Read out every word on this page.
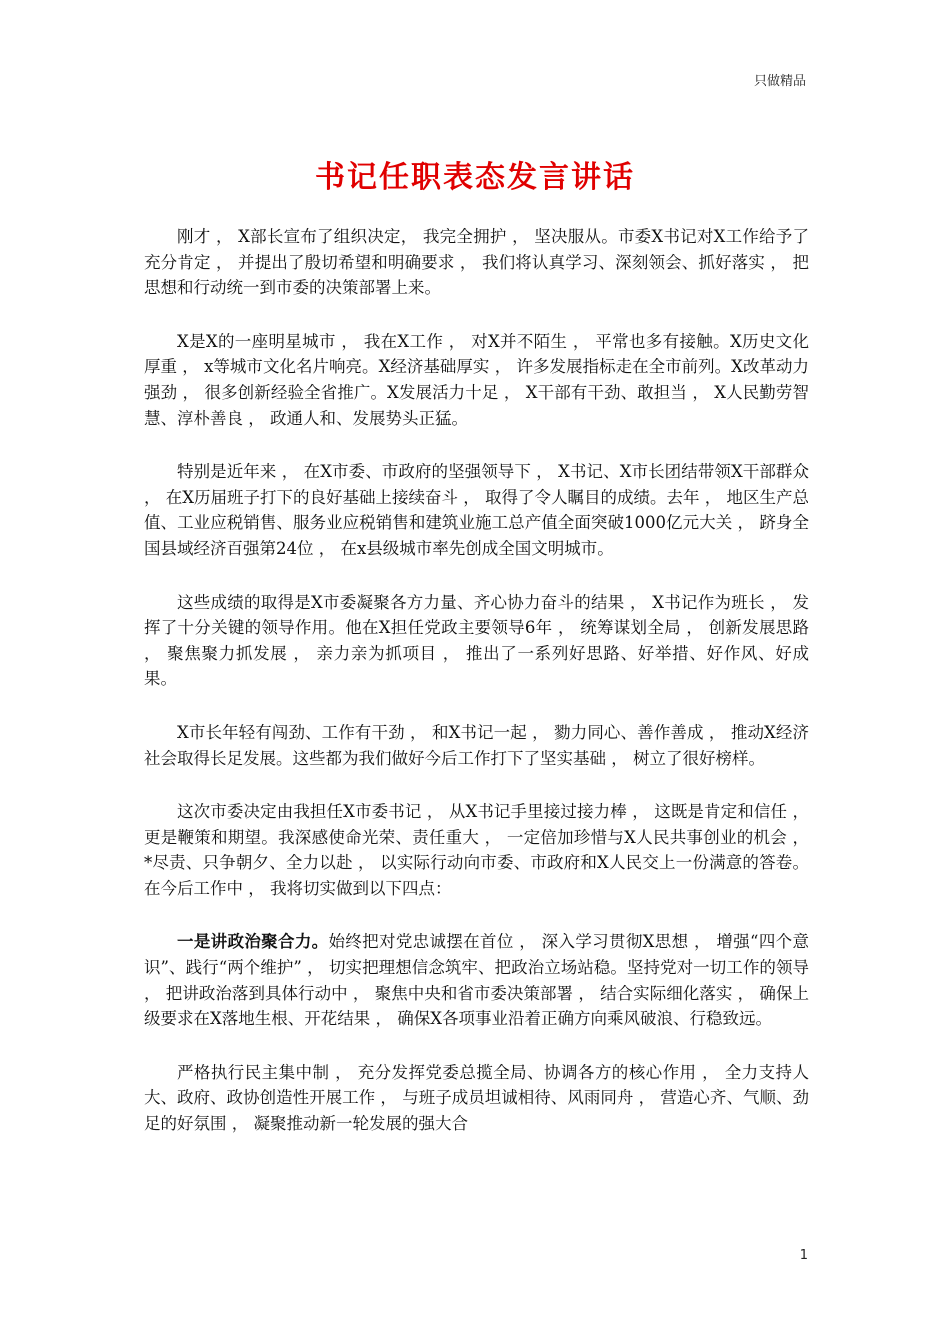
只做精品
书记任职表态发言讲话

刚才 ， X部长宣布了组织决定， 我完全拥护 ， 坚决服从。市委X书记对X工作给予了充分肯定 ， 并提出了殷切希望和明确要求 ， 我们将认真学习、深刻领会、抓好落实 ， 把思想和行动统一到市委的决策部署上来。

X是X的一座明星城市 ， 我在X工作 ， 对X并不陌生 ， 平常也多有接触。X历史文化厚重 ， x等城市文化名片响亮。X经济基础厚实 ， 许多发展指标走在全市前列。X改革动力强劲 ， 很多创新经验全省推广。X发展活力十足 ， X干部有干劲、敢担当 ， X人民勤劳智慧、淳朴善良 ， 政通人和、发展势头正猛。

特别是近年来 ， 在X市委、市政府的坚强领导下 ， X书记、X市长团结带领X干部群众 ， 在X历届班子打下的良好基础上接续奋斗 ， 取得了令人瞩目的成绩。去年 ， 地区生产总值、工业应税销售、服务业应税销售和建筑业施工总产值全面突破1000亿元大关 ， 跻身全国县域经济百强第24位 ， 在x县级城市率先创成全国文明城市。

这些成绩的取得是X市委凝聚各方力量、齐心协力奋斗的结果 ， X书记作为班长 ， 发挥了十分关键的领导作用。他在X担任党政主要领导6年 ， 统筹谋划全局 ， 创新发展思路 ， 聚焦聚力抓发展 ， 亲力亲为抓项目 ， 推出了一系列好思路、好举措、好作风、好成果。

X市长年轻有闯劲、工作有干劲 ， 和X书记一起 ， 勠力同心、善作善成 ， 推动X经济社会取得长足发展。这些都为我们做好今后工作打下了坚实基础 ， 树立了很好榜样。

这次市委决定由我担任X市委书记 ， 从X书记手里接过接力棒 ， 这既是肯定和信任 ， 更是鞭策和期望。我深感使命光荣、责任重大 ， 一定倍加珍惜与X人民共事创业的机会 ， *尽责、只争朝夕、全力以赴 ， 以实际行动向市委、市政府和X人民交上一份满意的答卷。在今后工作中 ， 我将切实做到以下四点：

一是讲政治聚合力。始终把对党忠诚摆在首位 ， 深入学习贯彻X思想 ， 增强“四个意识”、践行“两个维护” ， 切实把理想信念筑牢、把政治立场站稳。坚持党对一切工作的领导 ， 把讲政治落到具体行动中 ， 聚焦中央和省市委决策部署 ， 结合实际细化落实 ， 确保上级要求在X落地生根、开花结果 ， 确保X各项事业沿着正确方向乘风破浪、行稳致远。

严格执行民主集中制 ， 充分发挥党委总揽全局、协调各方的核心作用 ， 全力支持人大、政府、政协创造性开展工作 ， 与班子成员坦诚相待、风雨同舟 ， 营造心齐、气顺、劲足的好氛围 ， 凝聚推动新一轮发展的强大合

1
